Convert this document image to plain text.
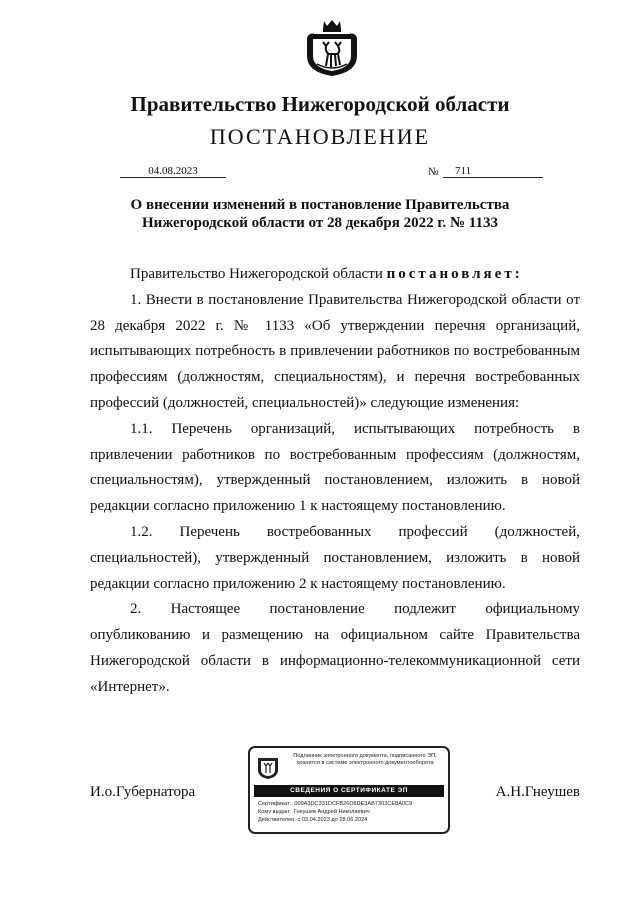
Правительство Нижегородской области
ПОСТАНОВЛЕНИЕ
04.08.2023	№	711
О внесении изменений в постановление Правительства
Нижегородской области от 28 декабря 2022 г. № 1133

Правительство Нижегородской области постановляет:

1. Внести в постановление Правительства Нижегородской области от 28 декабря 2022 г. № 1133 «Об утверждении перечня организаций, испытывающих потребность в привлечении работников по востребованным профессиям (должностям, специальностям), и перечня востребованных профессий (должностей, специальностей)» следующие изменения:

1.1. Перечень организаций, испытывающих потребность в привлечении работников по востребованным профессиям (должностям, специальностям), утвержденный постановлением, изложить в новой редакции согласно приложению 1 к настоящему постановлению.

1.2. Перечень востребованных профессий (должностей, специальностей), утвержденный постановлением, изложить в новой редакции согласно приложению 2 к настоящему постановлению.

2. Настоящее постановление подлежит официальному опубликованию и размещению на официальном сайте Правительства Нижегородской области в информационно-телекоммуникационной сети «Интернет».

И.о.Губернатора	А.Н.Гнеушев
Подлинник электронного документа, подписанного ЭП,
хранится в системе электронного документооборота
СВЕДЕНИЯ О СЕРТИФИКАТЕ ЭП
Сертификат: 009A3DC331DCFB26D8DE3AB7302CE8A0C9
Кому выдан: Гнеушев Андрей Николаевич
Действителен: с 03.04.2023 до 28.06.2024
